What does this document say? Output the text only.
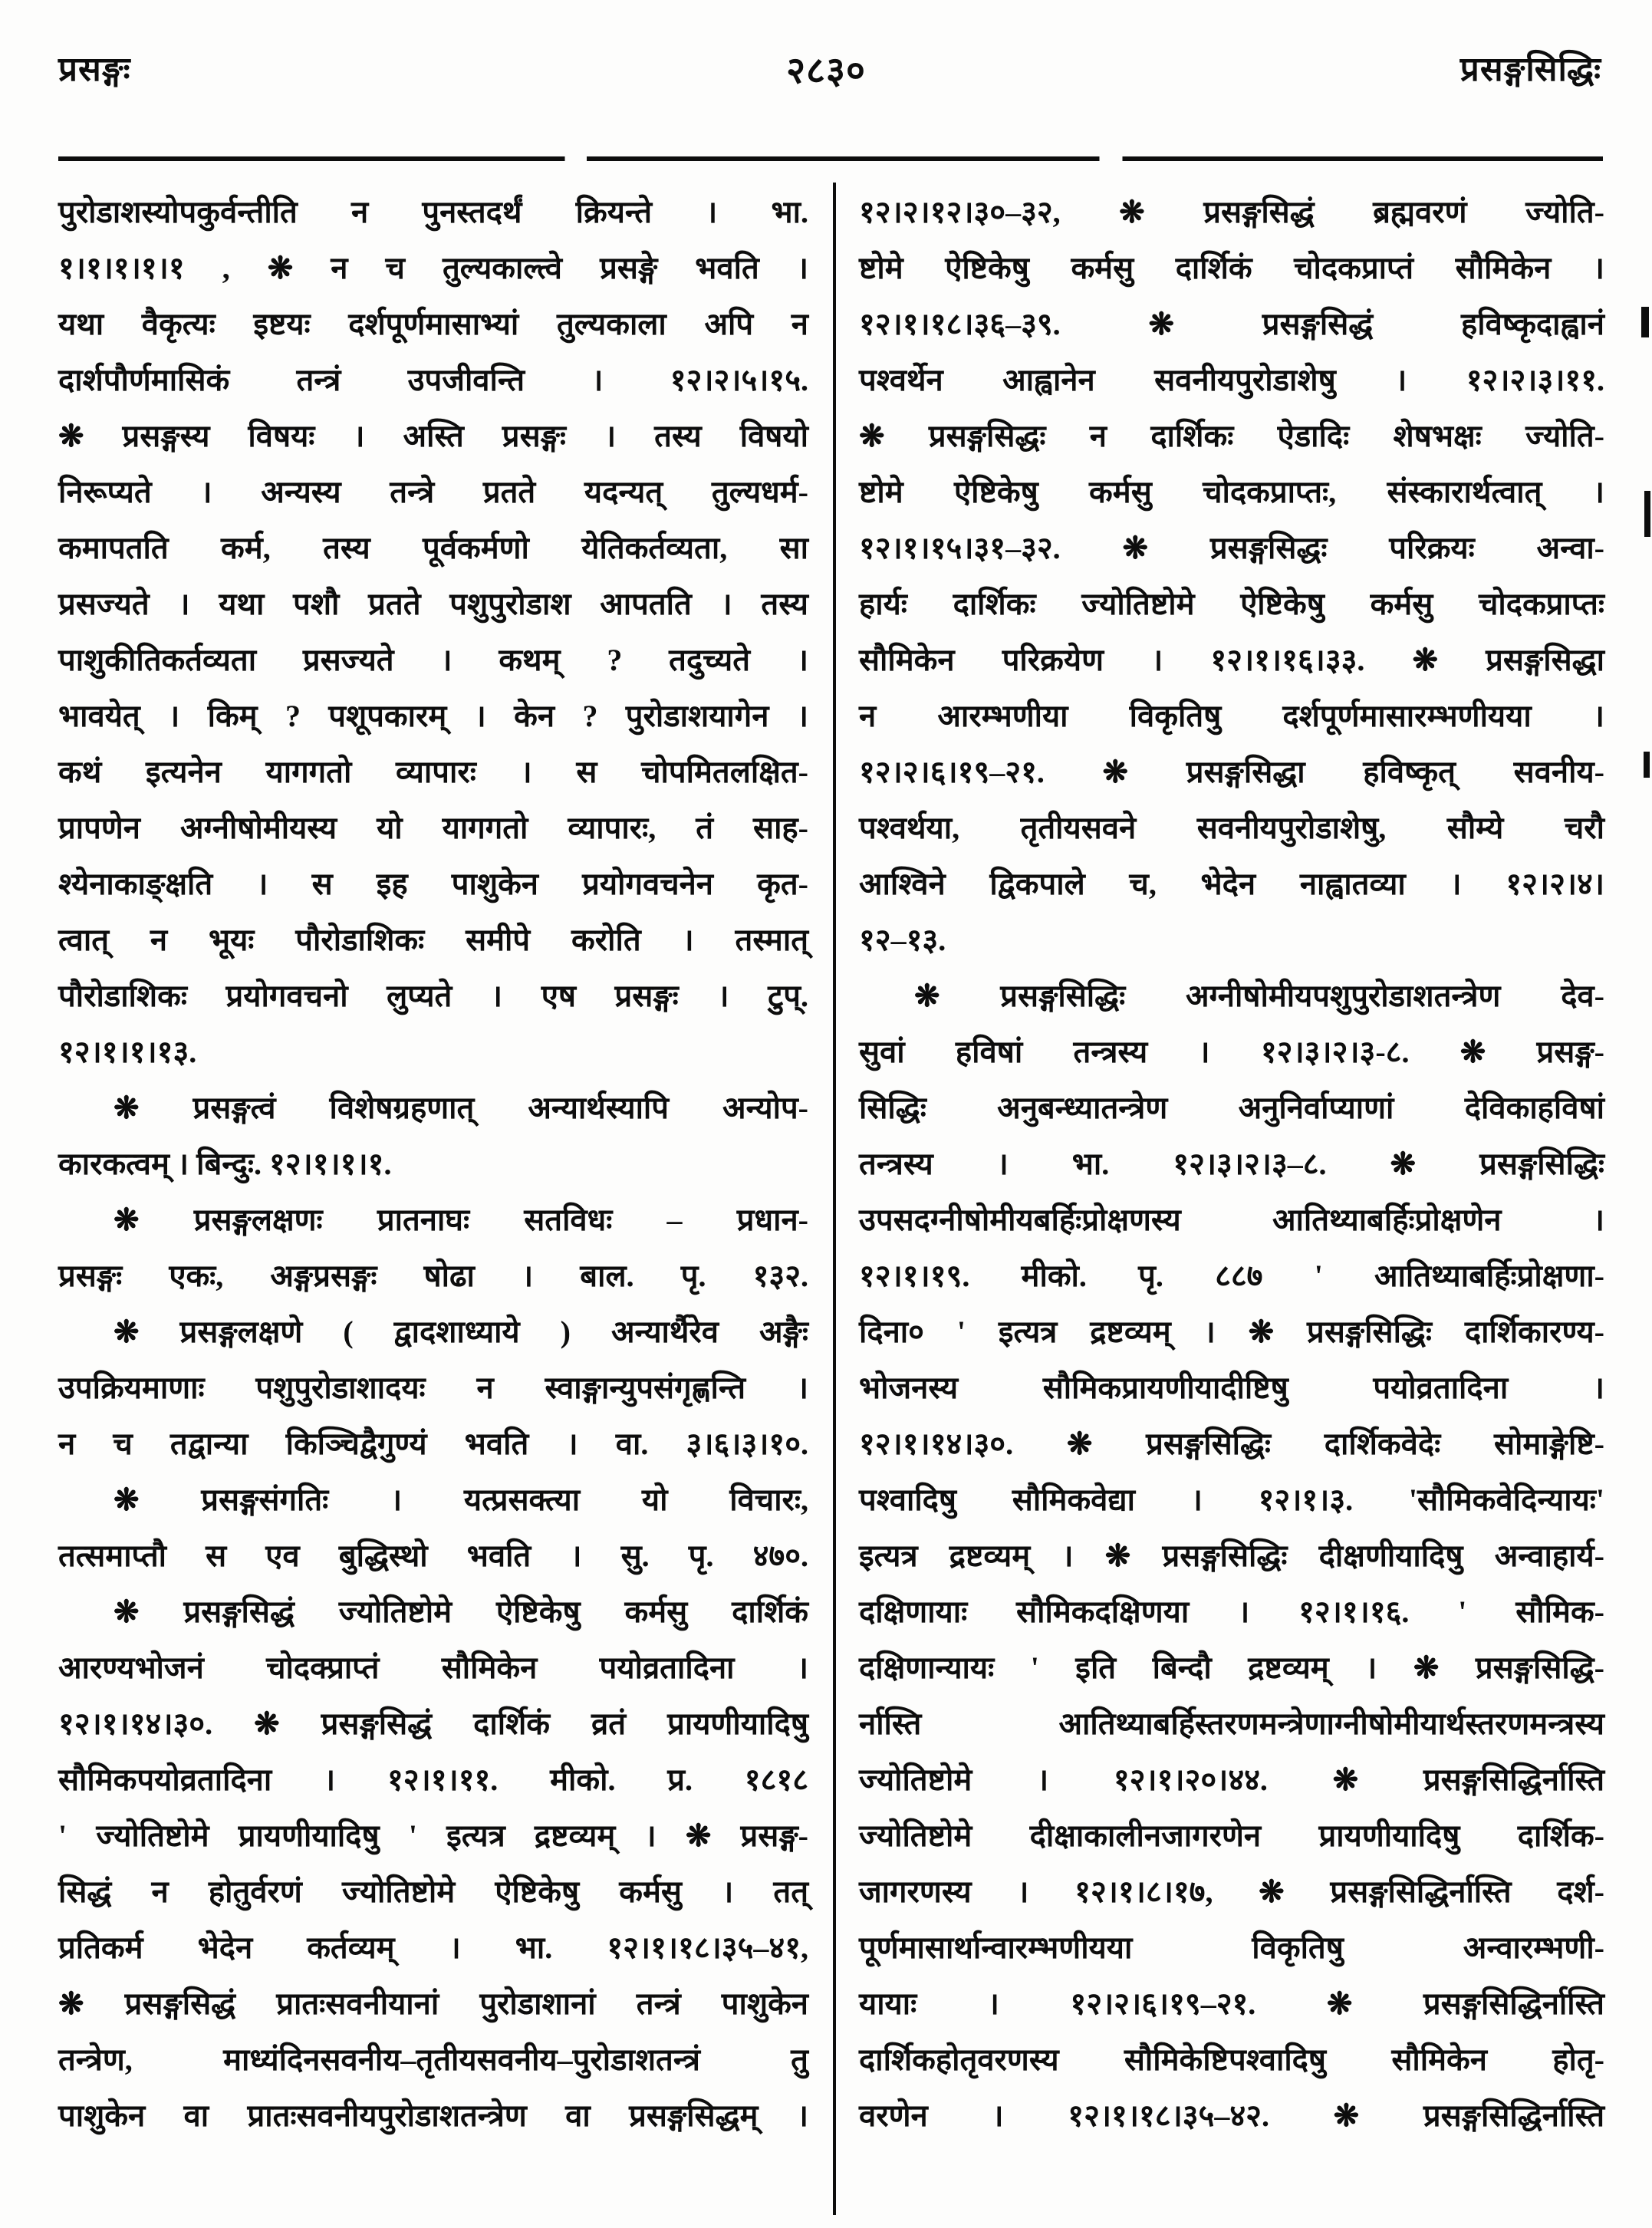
प्रसङ्गः	२८३०	प्रसङ्गसिद्धिः
पुरोडाशस्योपकुर्वन्तीति न पुनस्तदर्थं क्रियन्ते । भा.
१।१।१।१।१ , ❋ न च तुल्यकाल्त्वे प्रसङ्गे भवति ।
यथा वैकृत्यः इष्टयः दर्शपूर्णमासाभ्यां तुल्यकाला अपि न
दार्शपौर्णमासिकं तन्त्रं उपजीवन्ति । १२।२।५।१५.
❋ प्रसङ्गस्य विषयः । अस्ति प्रसङ्गः । तस्य विषयो
निरूप्यते । अन्यस्य तन्त्रे प्रतते यदन्यत् तुल्यधर्म-
कमापतति कर्म, तस्य पूर्वकर्मणो येतिकर्तव्यता, सा
प्रसज्यते । यथा पशौ प्रतते पशुपुरोडाश आपतति । तस्य
पाशुकीतिकर्तव्यता प्रसज्यते । कथम् ? तदुच्यते ।
भावयेत् । किम् ? पशूपकारम् । केन ? पुरोडाशयागेन ।
कथं इत्यनेन यागगतो व्यापारः । स चोपमितलक्षित-
प्रापणेन अग्नीषोमीयस्य यो यागगतो व्यापारः, तं साह-
श्येनाकाङ्क्षति । स इह पाशुकेन प्रयोगवचनेन कृत-
त्वात् न भूयः पौरोडाशिकः समीपे करोति । तस्मात्
पौरोडाशिकः प्रयोगवचनो लुप्यते । एष प्रसङ्गः । टुप्.
१२।१।१।१३.
❋ प्रसङ्गत्वं विशेषग्रहणात् अन्यार्थस्यापि अन्योप-
कारकत्वम् । बिन्दुः. १२।१।१।१.
❋ प्रसङ्गलक्षणः प्रातनाघः सतविधः – प्रधान-
प्रसङ्गः एकः, अङ्गप्रसङ्गः षोढा । बाल. पृ. १३२.
❋ प्रसङ्गलक्षणे ( द्वादशाध्याये ) अन्यार्थैरेव अङ्गैः
उपक्रियमाणाः पशुपुरोडाशादयः न स्वाङ्गान्युपसंगृह्णन्ति ।
न च तद्वान्या किञ्चिद्वैगुण्यं भवति । वा. ३।६।३।१०.
❋ प्रसङ्गसंगतिः । यत्प्रसक्त्या यो विचारः,
तत्समाप्तौ स एव बुद्धिस्थो भवति । सु. पृ. ४७०.
❋ प्रसङ्गसिद्धं ज्योतिष्टोमे ऐष्टिकेषु कर्मसु दार्शिकं
आरण्यभोजनं चोदक्प्राप्तं सौमिकेन पयोव्रतादिना ।
१२।१।१४।३०. ❋ प्रसङ्गसिद्धं दार्शिकं व्रतं प्रायणीयादिषु
सौमिकपयोव्रतादिना । १२।१।११. मीको. प्र. १८१८
' ज्योतिष्टोमे प्रायणीयादिषु ' इत्यत्र द्रष्टव्यम् । ❋ प्रसङ्ग-
सिद्धं न होतुर्वरणं ज्योतिष्टोमे ऐष्टिकेषु कर्मसु । तत्
प्रतिकर्म भेदेन कर्तव्यम् । भा. १२।१।१८।३५–४१,
❋ प्रसङ्गसिद्धं प्रातःसवनीयानां पुरोडाशानां तन्त्रं पाशुकेन
तन्त्रेण, माध्यंदिनसवनीय–तृतीयसवनीय–पुरोडाशतन्त्रं तु
पाशुकेन वा प्रातःसवनीयपुरोडाशतन्त्रेण वा प्रसङ्गसिद्धम् ।
१२।२।१२।३०–३२, ❋ प्रसङ्गसिद्धं ब्रह्मवरणं ज्योति-
ष्टोमे ऐष्टिकेषु कर्मसु दार्शिकं चोदकप्राप्तं सौमिकेन ।
१२।१।१८।३६–३९. ❋ प्रसङ्गसिद्धं हविष्कृदाह्वानं
पश्वर्थेन आह्वानेन सवनीयपुरोडाशेषु । १२।२।३।११.
❋ प्रसङ्गसिद्धः न दार्शिकः ऐडादिः शेषभक्षः ज्योति-
ष्टोमे ऐष्टिकेषु कर्मसु चोदकप्राप्तः, संस्कारार्थत्वात् ।
१२।१।१५।३१–३२. ❋ प्रसङ्गसिद्धः परिक्रयः अन्वा-
हार्यः दार्शिकः ज्योतिष्टोमे ऐष्टिकेषु कर्मसु चोदकप्राप्तः
सौमिकेन परिक्रयेण । १२।१।१६।३३. ❋ प्रसङ्गसिद्धा
न आरम्भणीया विकृतिषु दर्शपूर्णमासारम्भणीयया ।
१२।२।६।१९–२१. ❋ प्रसङ्गसिद्धा हविष्कृत् सवनीय-
पश्वर्थया, तृतीयसवने सवनीयपुरोडाशेषु, सौम्ये चरौ
आश्विने द्विकपाले च, भेदेन नाह्वातव्या । १२।२।४।
१२–१३.
❋ प्रसङ्गसिद्धिः अग्नीषोमीयपशुपुरोडाशतन्त्रेण देव-
सुवां हविषां तन्त्रस्य । १२।३।२।३-८. ❋ प्रसङ्ग-
सिद्धिः अनुबन्ध्यातन्त्रेण अनुनिर्वाप्याणां देविकाहविषां
तन्त्रस्य । भा. १२।३।२।३–८. ❋ प्रसङ्गसिद्धिः
उपसदग्नीषोमीयबर्हिःप्रोक्षणस्य आतिथ्याबर्हिःप्रोक्षणेन ।
१२।१।१९. मीको. पृ. ८८७ ' आतिथ्याबर्हिःप्रोक्षणा-
दिना० ' इत्यत्र द्रष्टव्यम् । ❋ प्रसङ्गसिद्धिः दार्शिकारण्य-
भोजनस्य सौमिकप्रायणीयादीष्टिषु पयोव्रतादिना ।
१२।१।१४।३०. ❋ प्रसङ्गसिद्धिः दार्शिकवेदेः सोमाङ्गेष्टि-
पश्वादिषु सौमिकवेद्या । १२।१।३. 'सौमिकवेदिन्यायः'
इत्यत्र द्रष्टव्यम् । ❋ प्रसङ्गसिद्धिः दीक्षणीयादिषु अन्वाहार्य-
दक्षिणायाः सौमिकदक्षिणया । १२।१।१६. ' सौमिक-
दक्षिणान्यायः ' इति बिन्दौ द्रष्टव्यम् । ❋ प्रसङ्गसिद्धि-
र्नास्ति आतिथ्याबर्हिस्तरणमन्त्रेणाग्नीषोमीयार्थस्तरणमन्त्रस्य
ज्योतिष्टोमे । १२।१।२०।४४. ❋ प्रसङ्गसिद्धिर्नास्ति
ज्योतिष्टोमे दीक्षाकालीनजागरणेन प्रायणीयादिषु दार्शिक-
जागरणस्य । १२।१।८।१७, ❋ प्रसङ्गसिद्धिर्नास्ति दर्श-
पूर्णमासार्थान्वारम्भणीयया विकृतिषु अन्वारम्भणी-
यायाः । १२।२।६।१९–२१. ❋ प्रसङ्गसिद्धिर्नास्ति
दार्शिकहोतृवरणस्य सौमिकेष्टिपश्वादिषु सौमिकेन होतृ-
वरणेन । १२।१।१८।३५–४२. ❋ प्रसङ्गसिद्धिर्नास्ति
